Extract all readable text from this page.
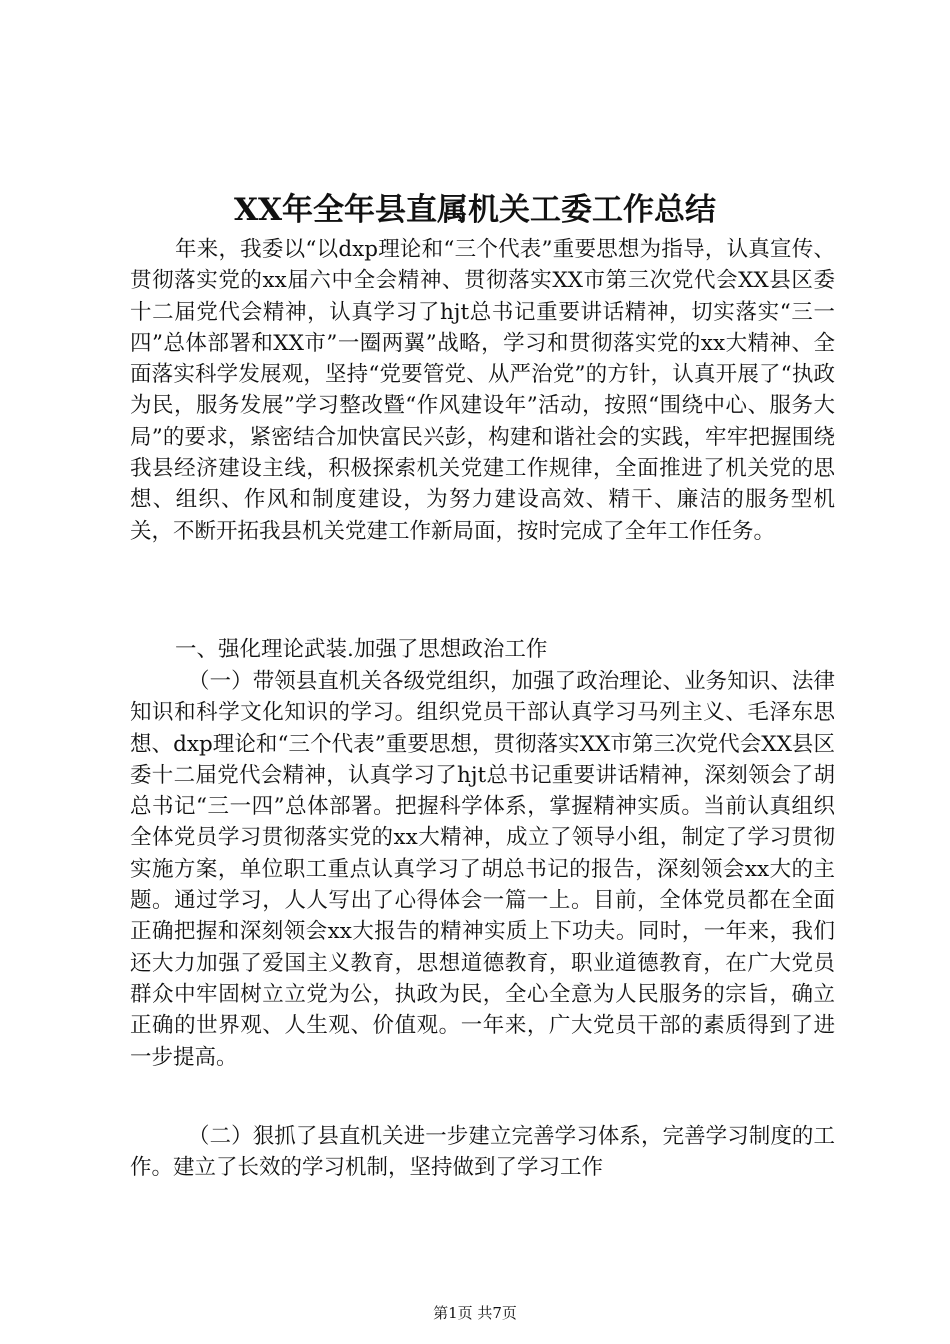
XX年全年县直属机关工委工作总结
年来，我委以“以dxp理论和“三个代表”重要思想为指导，认真宣传、贯彻落实党的xx届六中全会精神、贯彻落实XX市第三次党代会XX县区委十二届党代会精神，认真学习了hjt总书记重要讲话精神，切实落实“三一四”总体部署和XX市”一圈两翼”战略，学习和贯彻落实党的xx大精神、全面落实科学发展观，坚持“党要管党、从严治党”的方针，认真开展了“执政为民，服务发展”学习整改暨“作风建设年”活动，按照“围绕中心、服务大局”的要求，紧密结合加快富民兴彭，构建和谐社会的实践，牢牢把握围绕我县经济建设主线，积极探索机关党建工作规律，全面推进了机关党的思想、组织、作风和制度建设，为努力建设高效、精干、廉洁的服务型机关，不断开拓我县机关党建工作新局面，按时完成了全年工作任务。
一、强化理论武装.加强了思想政治工作
（一）带领县直机关各级党组织，加强了政治理论、业务知识、法律知识和科学文化知识的学习。组织党员干部认真学习马列主义、毛泽东思想、dxp理论和“三个代表”重要思想，贯彻落实XX市第三次党代会XX县区委十二届党代会精神，认真学习了hjt总书记重要讲话精神，深刻领会了胡总书记“三一四”总体部署。把握科学体系，掌握精神实质。当前认真组织全体党员学习贯彻落实党的xx大精神，成立了领导小组，制定了学习贯彻实施方案，单位职工重点认真学习了胡总书记的报告，深刻领会xx大的主题。通过学习，人人写出了心得体会一篇一上。目前，全体党员都在全面正确把握和深刻领会xx大报告的精神实质上下功夫。同时，一年来，我们还大力加强了爱国主义教育，思想道德教育，职业道德教育，在广大党员群众中牢固树立立党为公，执政为民，全心全意为人民服务的宗旨，确立正确的世界观、人生观、价值观。一年来，广大党员干部的素质得到了进一步提高。
（二）狠抓了县直机关进一步建立完善学习体系，完善学习制度的工作。建立了长效的学习机制，坚持做到了学习工作
第1页 共7页
